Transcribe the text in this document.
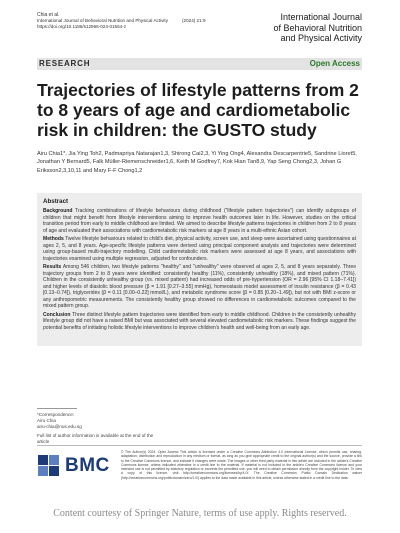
Chia et al.
International Journal of Behavioral Nutrition and Physical Activity	(2024) 21:9
https://doi.org/10.1186/s12966-024-01564-z
International Journal
of Behavioral Nutrition
and Physical Activity
RESEARCH	Open Access
Trajectories of lifestyle patterns from 2 to 8 years of age and cardiometabolic risk in children: the GUSTO study
Airu Chia1*, Jia Ying Toh2, Padmapriya Natarajan1,3, Shirong Cai2,3, Yi Ying Ong4, Alexandra Descarpentrie5, Sandrine Lioret5, Jonathan Y Bernard5, Falk Müller-Riemenschneider1,6, Keith M Godfrey7, Kok Hian Tan8,9, Yap Seng Chong2,3, Johan G Eriksson2,3,10,11 and Mary F-F Chong1,2
Abstract

Background Tracking combinations of lifestyle behaviours during childhood ("lifestyle pattern trajectories") can identify subgroups of children that might benefit from lifestyle interventions aiming to improve health outcomes later in life. However, studies on the critical transition period from early to middle childhood are limited. We aimed to describe lifestyle patterns trajectories in children from 2 to 8 years of age and evaluated their associations with cardiometabolic risk markers at age 8 years in a multi-ethnic Asian cohort.

Methods Twelve lifestyle behaviours related to child's diet, physical activity, screen use, and sleep were ascertained using questionnaires at ages 2, 5, and 8 years. Age-specific lifestyle patterns were derived using principal component analysis and trajectories were determined using group-based multi-trajectory modelling. Child cardiometabolic risk markers were assessed at age 8 years, and associations with trajectories examined using multiple regression, adjusted for confounders.

Results Among 546 children, two lifestyle patterns "healthy" and "unhealthy" were observed at ages 2, 5, and 8 years separately. Three trajectory groups from 2 to 8 years were identified: consistently healthy (11%), consistently unhealthy (18%), and mixed pattern (71%). Children in the consistently unhealthy group (vs. mixed pattern) had increased odds of pre-hypertension (OR = 2.96 [95% CI 1.18–7.41]) and higher levels of diastolic blood pressure (β = 1.91 [0.27–3.55] mmHg), homeostasis model assessment of insulin resistance (β = 0.43 [0.13–0.74]), triglycerides (β = 0.11 [0.00–0.22] mmol/L), and metabolic syndrome score (β = 0.85 [0.20–1.49]), but not with BMI z-score or any anthropometric measurements. The consistently healthy group showed no differences in cardiometabolic outcomes compared to the mixed pattern group.

Conclusion Three distinct lifestyle pattern trajectories were identified from early to middle childhood. Children in the consistently unhealthy lifestyle group did not have a raised BMI but was associated with several elevated cardiometabolic risk markers. These findings suggest the potential benefits of initiating holistic lifestyle interventions to improve children's health and well-being from an early age.

*Correspondence:
Airu Chia
airu-chia@nus.edu.sg
Full list of author information is available at the end of the article
BMC
© The Author(s) 2024. Open Access This article is licensed under a Creative Commons Attribution 4.0 International License, which permits use, sharing, adaptation, distribution and reproduction in any medium or format, as long as you give appropriate credit to the original author(s) and the source, provide a link to the Creative Commons licence, and indicate if changes were made. The images or other third party material in this article are included in the article's Creative Commons licence, unless indicated otherwise in a credit line to the material. If material is not included in the article's Creative Commons licence and your intended use is not permitted by statutory regulation or exceeds the permitted use, you will need to obtain permission directly from the copyright holder. To view a copy of this licence, visit http://creativecommons.org/licenses/by/4.0/. The Creative Commons Public Domain Dedication waiver (http://creativecommons.org/publicdomain/zero/1.0/) applies to the data made available in this article, unless otherwise stated in a credit line to the data.
Content courtesy of Springer Nature, terms of use apply. Rights reserved.
